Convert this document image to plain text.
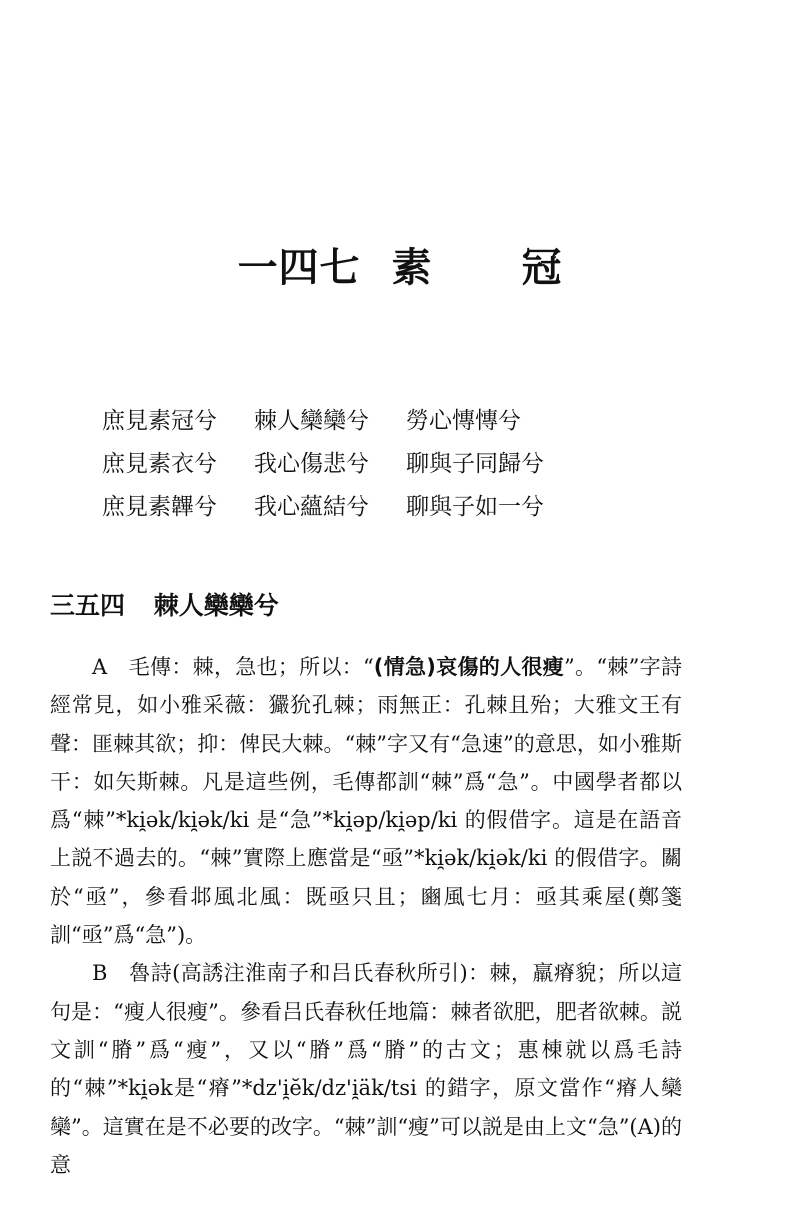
一四七 素 冠
庶見素冠兮 棘人欒欒兮 勞心慱慱兮
庶見素衣兮 我心傷悲兮 聊與子同歸兮
庶見素韠兮 我心蘊結兮 聊與子如一兮
三五四 棘人欒欒兮

A　毛傳：棘，急也；所以：“(情急)哀傷的人很瘦”。“棘”字詩經常見，如小雅采薇：玁狁孔棘；雨無正：孔棘且殆；大雅文王有聲：匪棘其欲；抑：俾民大棘。“棘”字又有“急速”的意思，如小雅斯干：如矢斯棘。凡是這些例，毛傳都訓“棘”爲“急”。中國學者都以爲“棘”*ki̯ək/ki̯ək/ki 是“急”*ki̯əp/ki̯əp/ki 的假借字。這是在語音上説不過去的。“棘”實際上應當是“亟”*ki̯ək/ki̯ək/ki 的假借字。關於“亟”，參看邶風北風：既亟只且；豳風七月：亟其乘屋(鄭箋訓“亟”爲“急”)。

B　魯詩(高誘注淮南子和吕氏春秋所引)：棘，羸瘠貌；所以這句是：“瘦人很瘦”。參看吕氏春秋任地篇：棘者欲肥，肥者欲棘。説文訓“膌”爲“瘦”，又以“膌”爲“膌”的古文；惠棟就以爲毛詩的“棘”*ki̯ək是“瘠”*dz'i̯ĕk/dz'i̯äk/tsi 的錯字，原文當作“瘠人欒欒”。這實在是不必要的改字。“棘”訓“瘦”可以説是由上文“急”(A)的意
